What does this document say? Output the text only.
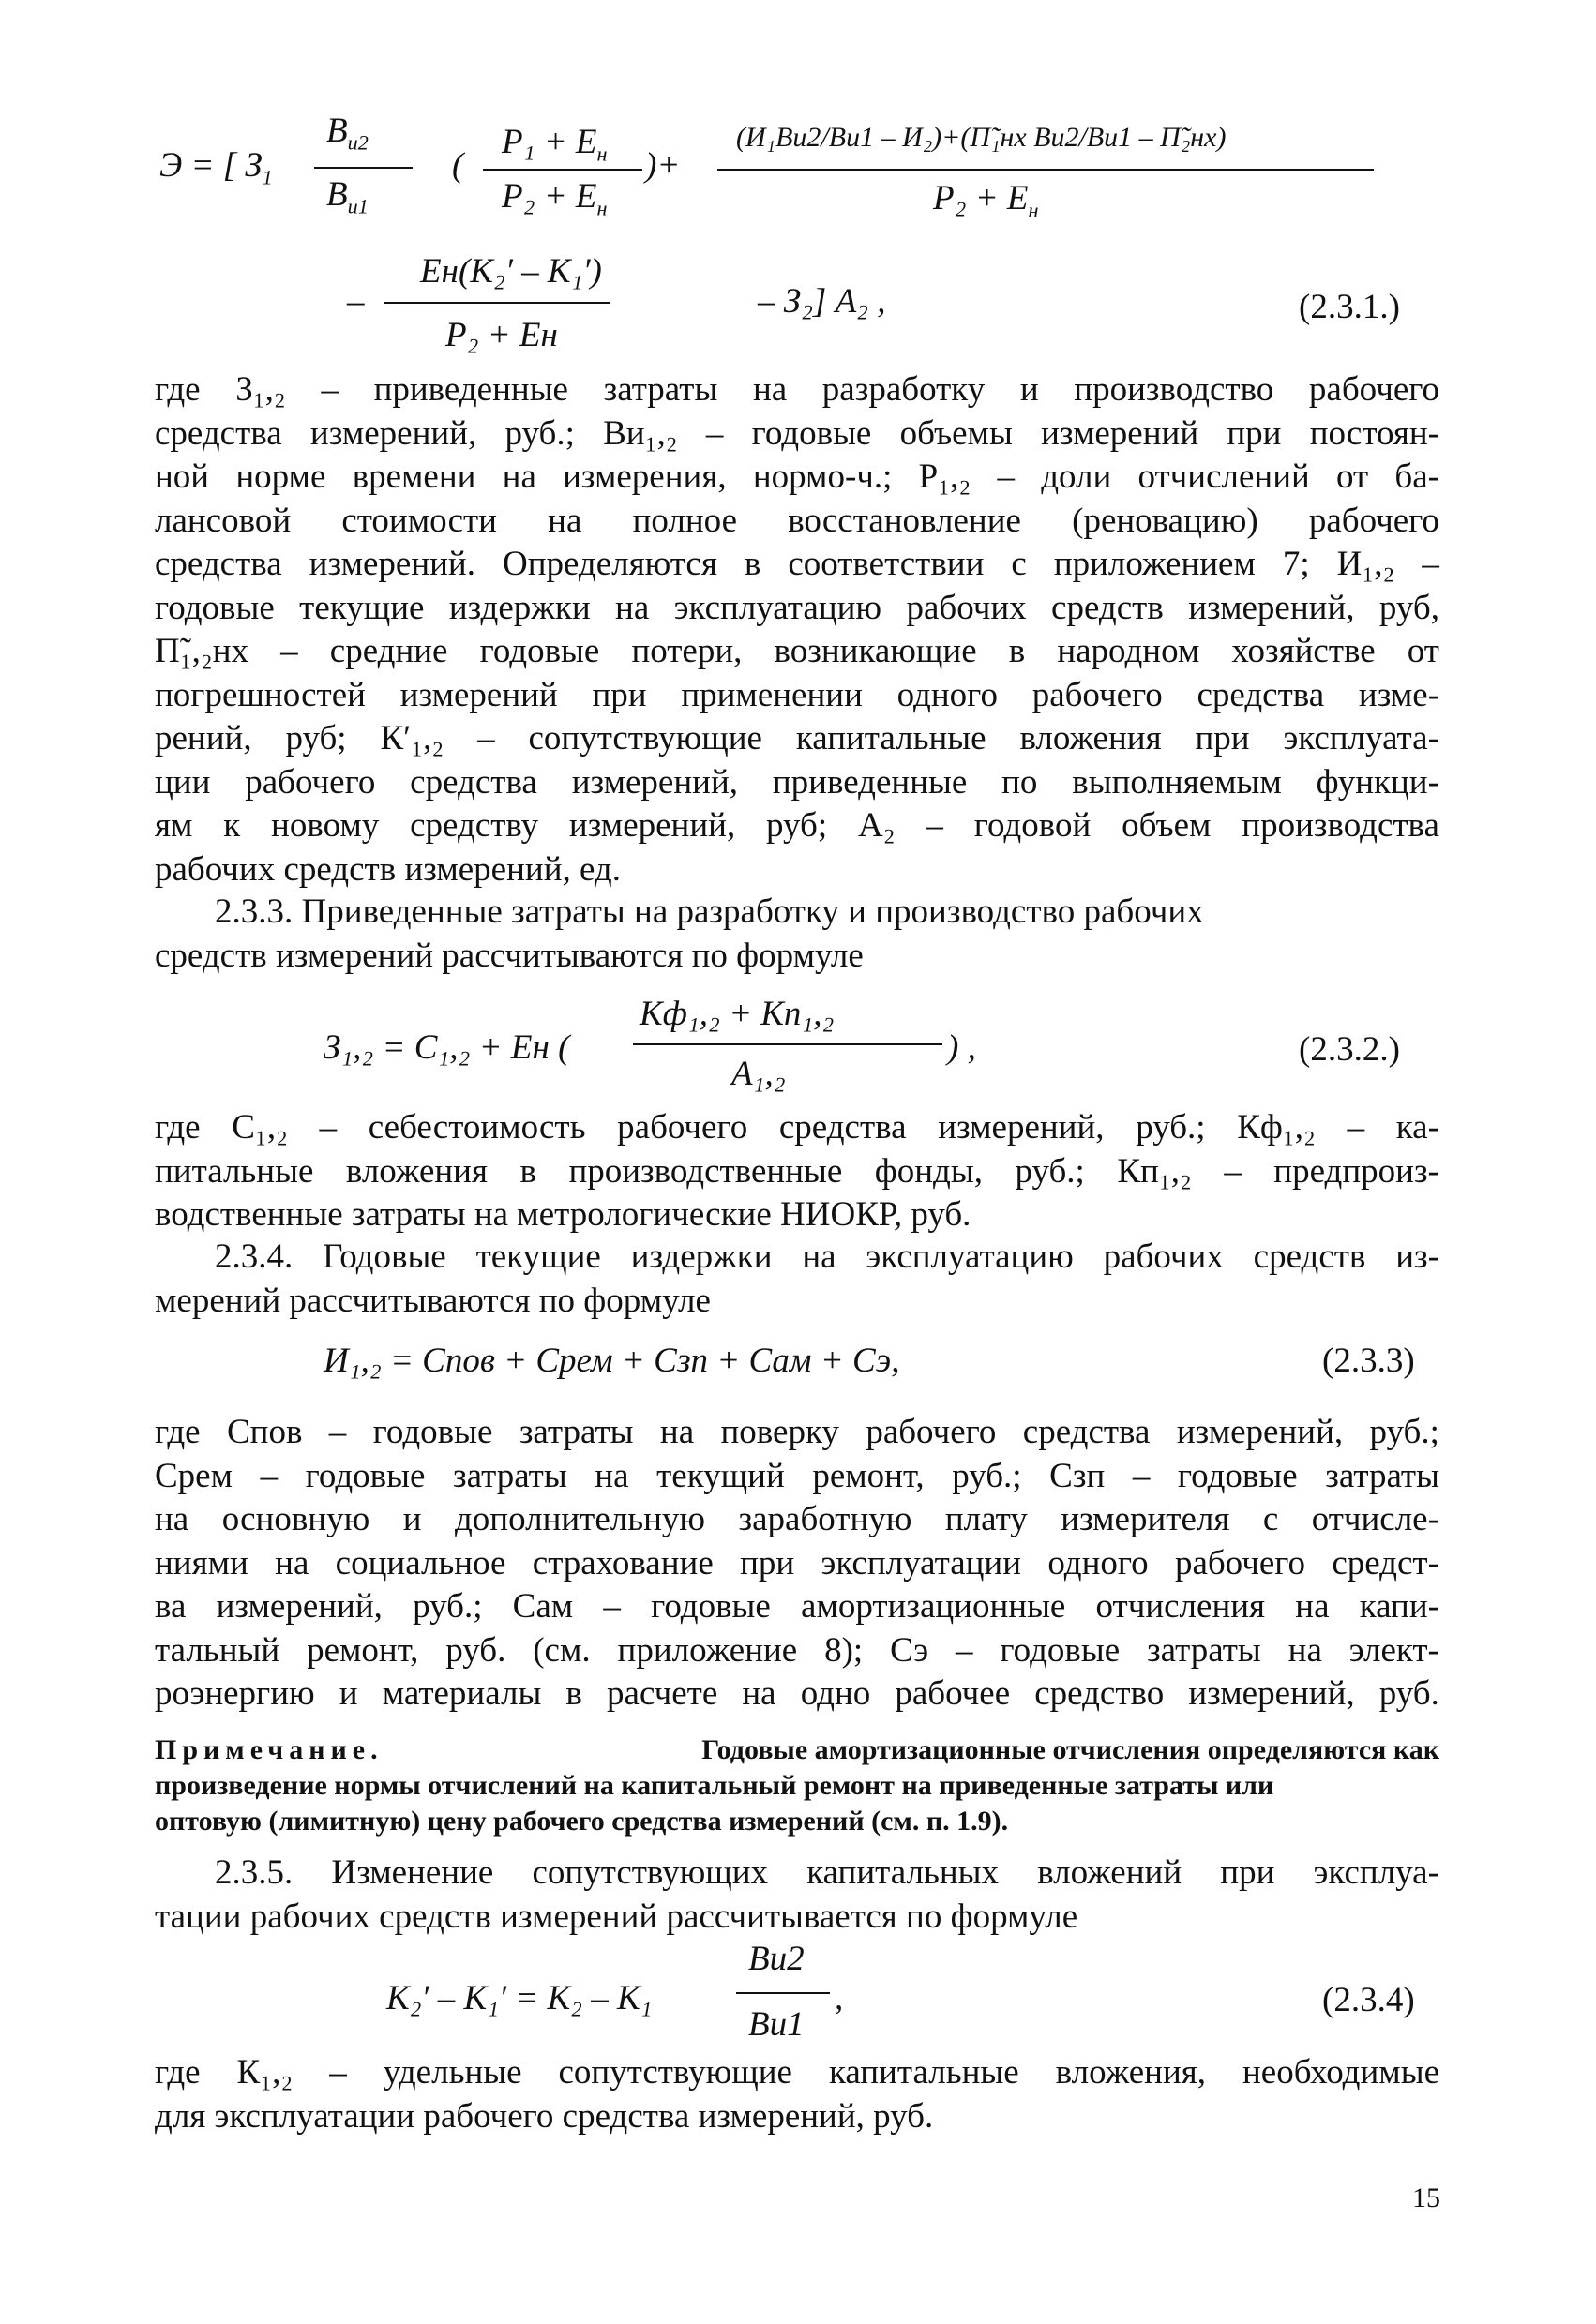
Э = [ $З_1$
$В_{и2}$
$В_{и1}$
(
$P_1 + E_н$
$P_2 + E_н$
)+
(И₁Ви2/Ви1 – И₂)+(П̃₁нх Ви2/Ви1 – П̃₂нх)
$P_2 + E_н$
–
Eн(K₂′ – K₁′)
P₂ + Eн
– З₂] А₂ ,	(2.3.1.)
где З₁,₂ – приведенные затраты на разработку и производство рабочего
средства измерений, руб.; Ви₁,₂ – годовые объемы измерений при постоян-
ной норме времени на измерения, нормо-ч.; P₁,₂ – доли отчислений от ба-
лансовой стоимости на полное восстановление (реновацию) рабочего
средства измерений. Определяются в соответствии с приложением 7; И₁,₂ –
годовые текущие издержки на эксплуатацию рабочих средств измерений, руб,
П̃₁,₂нх – средние годовые потери, возникающие в народном хозяйстве от
погрешностей измерений при применении одного рабочего средства изме-
рений, руб; К′₁,₂ – сопутствующие капитальные вложения при эксплуата-
ции рабочего средства измерений, приведенные по выполняемым функци-
ям к новому средству измерений, руб; А₂ – годовой объем производства
рабочих средств измерений, ед.
2.3.3. Приведенные затраты на разработку и производство рабочих
средств измерений рассчитываются по формуле
З₁,₂ = С₁,₂ + Eн (
Кф₁,₂ + Кп₁,₂
А₁,₂
) ,	(2.3.2.)
где С₁,₂ – себестоимость рабочего средства измерений, руб.; Кф₁,₂ – ка-
питальные вложения в производственные фонды, руб.; Кп₁,₂ – предпроиз-
водственные затраты на метрологические НИОКР, руб.
2.3.4. Годовые текущие издержки на эксплуатацию рабочих средств из-
мерений рассчитываются по формуле
И₁,₂ = Спов + Срем + Сзп + Сам + Сэ,	(2.3.3)
где Спов – годовые затраты на поверку рабочего средства измерений, руб.;
Срем – годовые затраты на текущий ремонт, руб.; Сзп – годовые затраты
на основную и дополнительную заработную плату измерителя с отчисле-
ниями на социальное страхование при эксплуатации одного рабочего средст-
ва измерений, руб.; Сам – годовые амортизационные отчисления на капи-
тальный ремонт, руб. (см. приложение 8); Сэ – годовые затраты на элект-
роэнергию и материалы в расчете на одно рабочее средство измерений, руб.
Примечание.	Годовые амортизационные отчисления определяются как
произведение нормы отчислений на капитальный ремонт на приведенные затраты или
оптовую (лимитную) цену рабочего средства измерений (см. п. 1.9).
2.3.5. Изменение сопутствующих капитальных вложений при эксплуа-
тации рабочих средств измерений рассчитывается по формуле
К₂′ – К₁′ = К₂ – К₁
Ви2
Ви1
,	(2.3.4)
где К₁,₂ – удельные сопутствующие капитальные вложения, необходимые
для эксплуатации рабочего средства измерений, руб.
15
